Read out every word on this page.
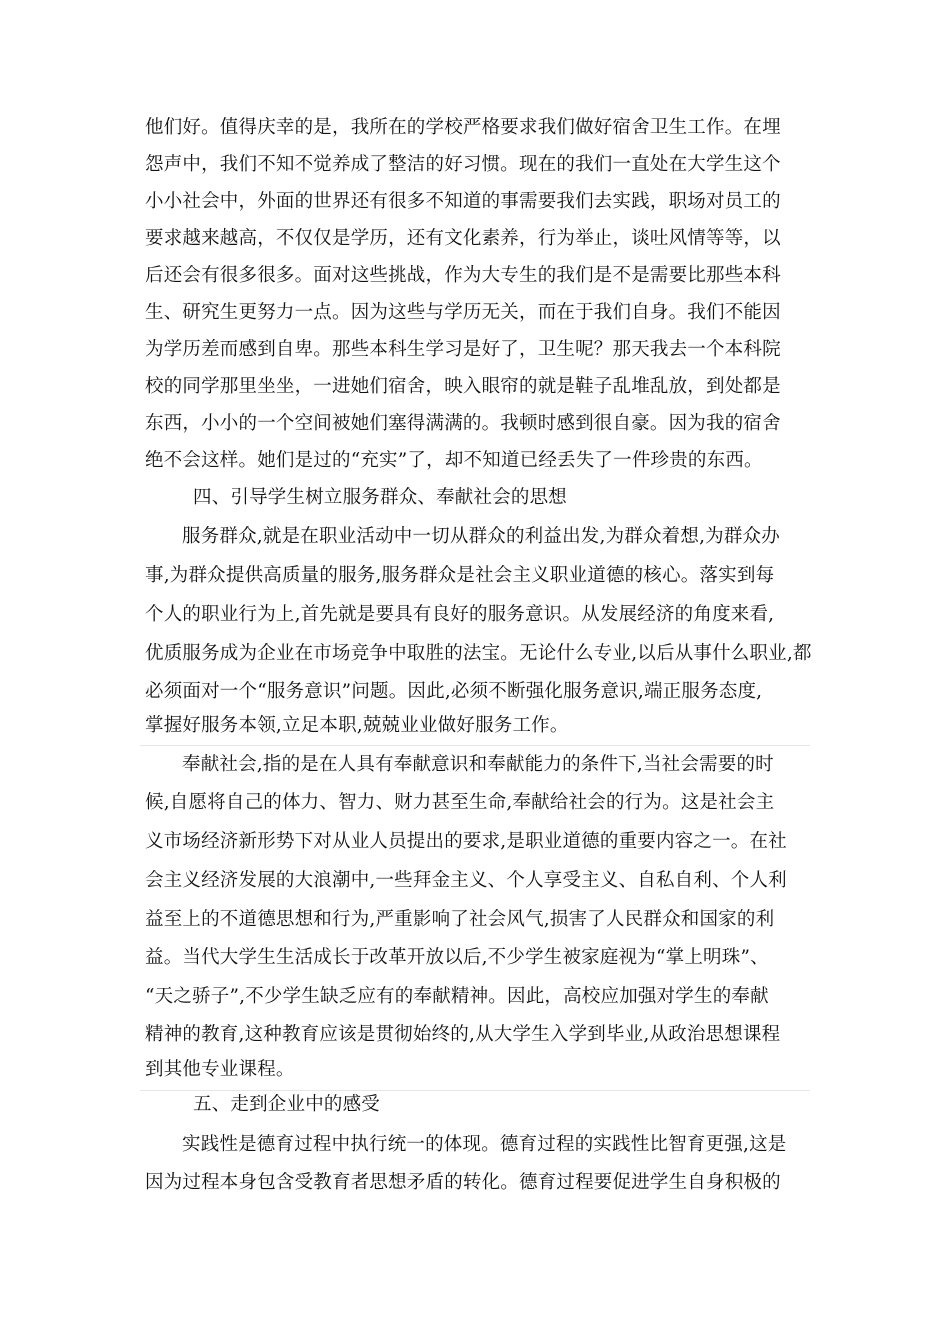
他们好。值得庆幸的是，我所在的学校严格要求我们做好宿舍卫生工作。在埋
怨声中，我们不知不觉养成了整洁的好习惯。现在的我们一直处在大学生这个
小小社会中，外面的世界还有很多不知道的事需要我们去实践，职场对员工的
要求越来越高，不仅仅是学历，还有文化素养，行为举止，谈吐风情等等，以
后还会有很多很多。面对这些挑战，作为大专生的我们是不是需要比那些本科
生、研究生更努力一点。因为这些与学历无关，而在于我们自身。我们不能因
为学历差而感到自卑。那些本科生学习是好了，卫生呢？那天我去一个本科院
校的同学那里坐坐，一进她们宿舍，映入眼帘的就是鞋子乱堆乱放，到处都是
东西，小小的一个空间被她们塞得满满的。我顿时感到很自豪。因为我的宿舍
绝不会这样。她们是过的“充实”了，却不知道已经丢失了一件珍贵的东西。
四、引导学生树立服务群众、奉献社会的思想
服务群众,就是在职业活动中一切从群众的利益出发,为群众着想,为群众办
事,为群众提供高质量的服务,服务群众是社会主义职业道德的核心。落实到每
个人的职业行为上,首先就是要具有良好的服务意识。从发展经济的角度来看,
优质服务成为企业在市场竞争中取胜的法宝。无论什么专业,以后从事什么职业,都
必须面对一个“服务意识”问题。因此,必须不断强化服务意识,端正服务态度,
掌握好服务本领,立足本职,兢兢业业做好服务工作。
奉献社会,指的是在人具有奉献意识和奉献能力的条件下,当社会需要的时
候,自愿将自己的体力、智力、财力甚至生命,奉献给社会的行为。这是社会主
义市场经济新形势下对从业人员提出的要求,是职业道德的重要内容之一。在社
会主义经济发展的大浪潮中,一些拜金主义、个人享受主义、自私自利、个人利
益至上的不道德思想和行为,严重影响了社会风气,损害了人民群众和国家的利
益。当代大学生生活成长于改革开放以后,不少学生被家庭视为“掌上明珠”、
“天之骄子”,不少学生缺乏应有的奉献精神。因此，高校应加强对学生的奉献
精神的教育,这种教育应该是贯彻始终的,从大学生入学到毕业,从政治思想课程
到其他专业课程。
五、走到企业中的感受
实践性是德育过程中执行统一的体现。德育过程的实践性比智育更强,这是
因为过程本身包含受教育者思想矛盾的转化。德育过程要促进学生自身积极的
